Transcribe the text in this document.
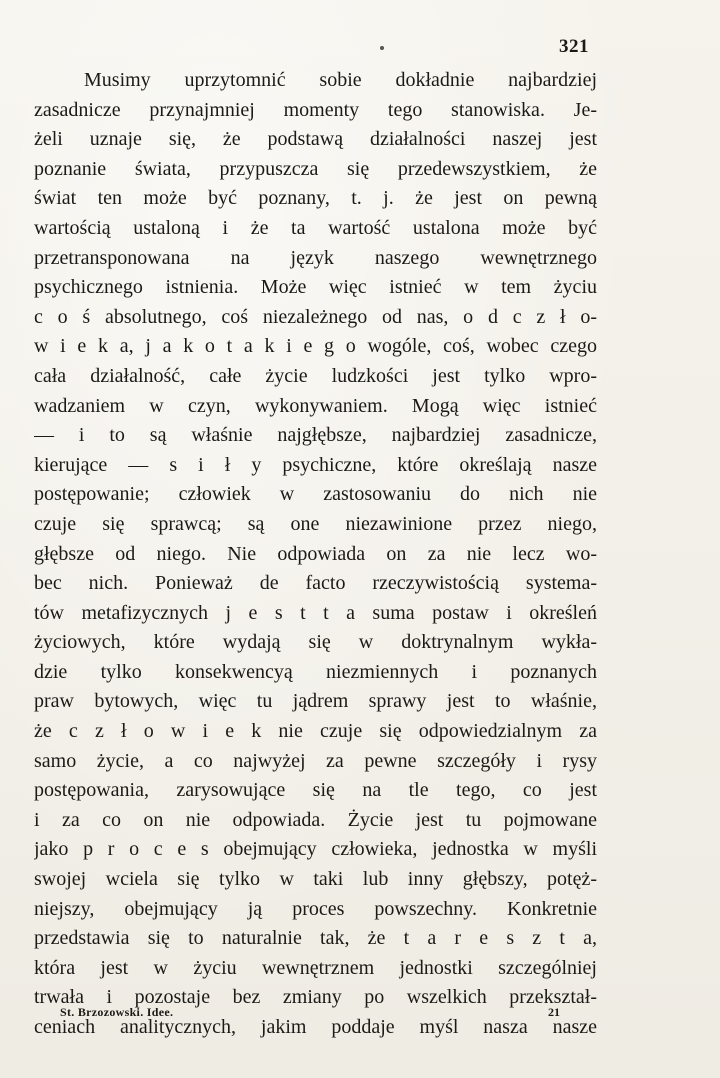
321
Musimy uprzytomnić sobie dokładnie najbardziej
zasadnicze przynajmniej momenty tego stanowiska. Je-
żeli uznaje się, że podstawą działalności naszej jest
poznanie świata, przypuszcza się przedewszystkiem, że
świat ten może być poznany, t. j. że jest on pewną
wartością ustaloną i że ta wartość ustalona może być
przetransponowana na język naszego wewnętrznego
psychicznego istnienia. Może więc istnieć w tem życiu
c o ś absolutnego, coś niezależnego od nas, o d c z ł o-
w i e k a, j a k o t a k i e g o wogóle, coś, wobec czego
cała działalność, całe życie ludzkości jest tylko wpro-
wadzaniem w czyn, wykonywaniem. Mogą więc istnieć
— i to są właśnie najgłębsze, najbardziej zasadnicze,
kierujące — s i ł y psychiczne, które określają nasze
postępowanie; człowiek w zastosowaniu do nich nie
czuje się sprawcą; są one niezawinione przez niego,
głębsze od niego. Nie odpowiada on za nie lecz wo-
bec nich. Ponieważ de facto rzeczywistością systema-
tów metafizycznych j e s t t a suma postaw i określeń
życiowych, które wydają się w doktrynalnym wykła-
dzie tylko konsekwencyą niezmiennych i poznanych
praw bytowych, więc tu jądrem sprawy jest to właśnie,
że c z ł o w i e k nie czuje się odpowiedzialnym za
samo życie, a co najwyżej za pewne szczegóły i rysy
postępowania, zarysowujące się na tle tego, co jest
i za co on nie odpowiada. Życie jest tu pojmowane
jako p r o c e s obejmujący człowieka, jednostka w myśli
swojej wciela się tylko w taki lub inny głębszy, potęż-
niejszy, obejmujący ją proces powszechny. Konkretnie
przedstawia się to naturalnie tak, że t a r e s z t a,
która jest w życiu wewnętrznem jednostki szczególniej
trwała i pozostaje bez zmiany po wszelkich przekształ-
ceniach analitycznych, jakim poddaje myśl nasza nasze
St. Brzozowski. Idee.	21
